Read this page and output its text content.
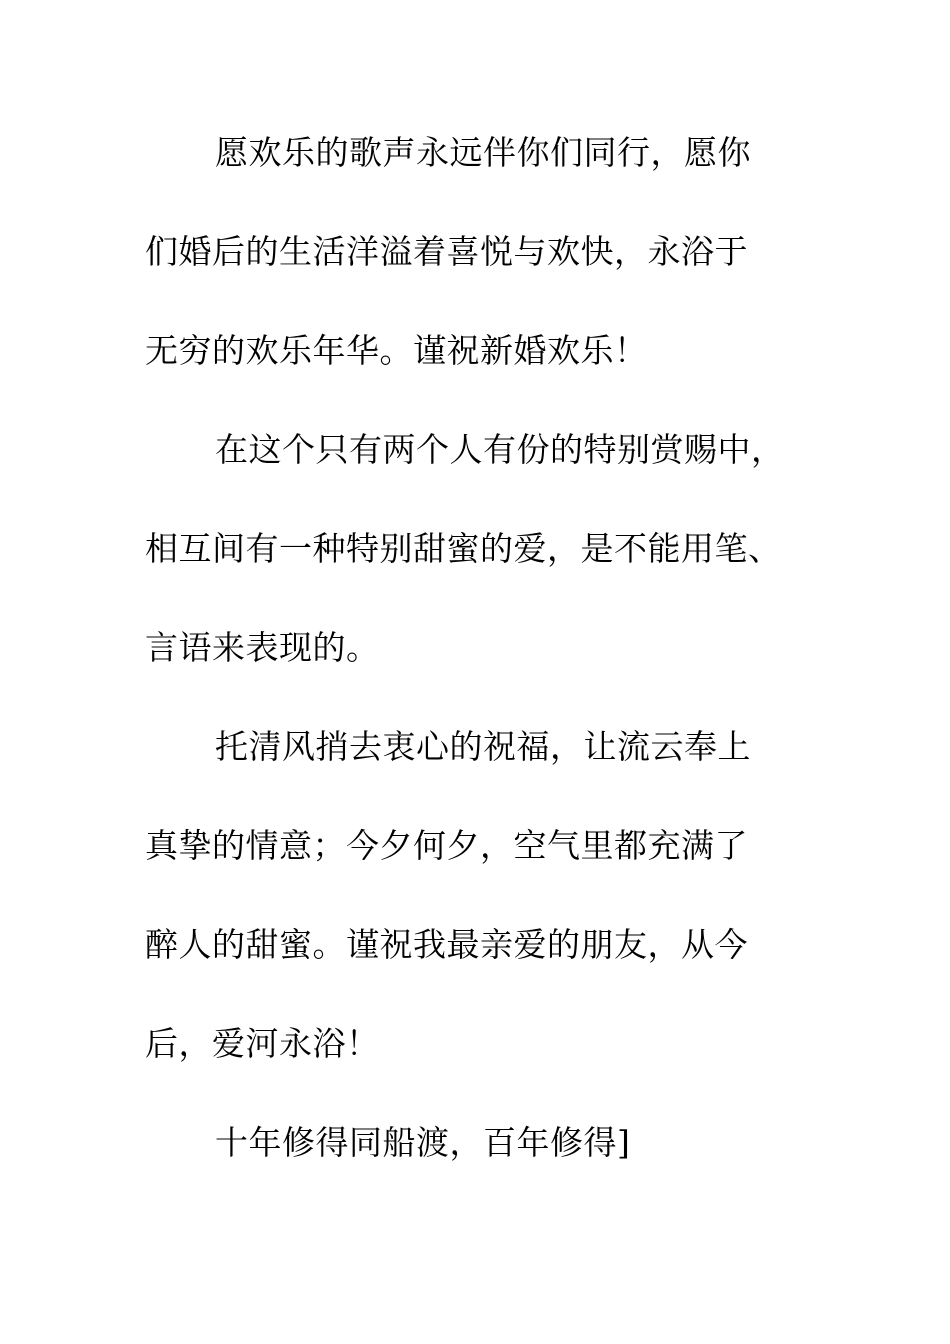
愿欢乐的歌声永远伴你们同行，愿你
们婚后的生活洋溢着喜悦与欢快，永浴于
无穷的欢乐年华。谨祝新婚欢乐！
在这个只有两个人有份的特别赏赐中，
相互间有一种特别甜蜜的爱，是不能用笔、
言语来表现的。
托清风捎去衷心的祝福，让流云奉上
真挚的情意；今夕何夕，空气里都充满了
醉人的甜蜜。谨祝我最亲爱的朋友，从今
后，爱河永浴！
十年修得同船渡，百年修得]
